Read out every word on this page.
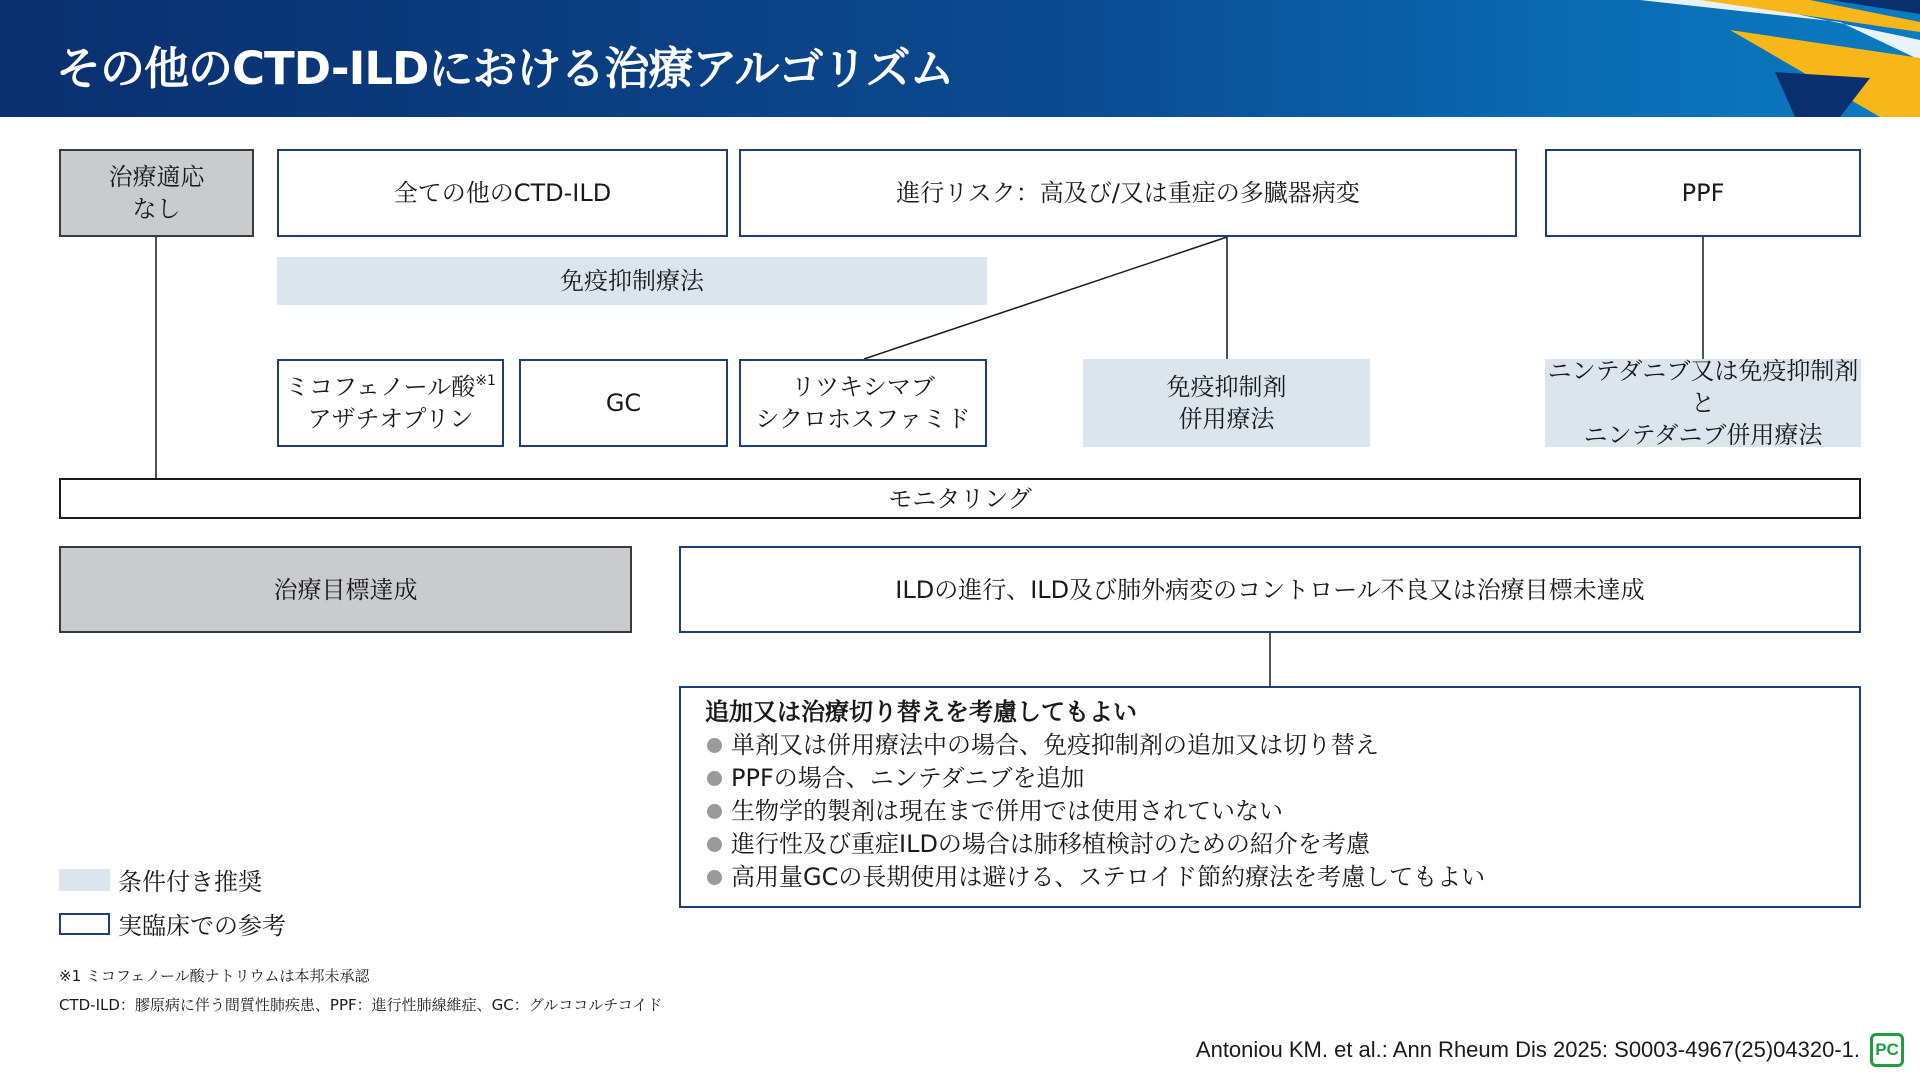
その他のCTD-ILDにおける治療アルゴリズム
治療適応
なし
全ての他のCTD-ILD	進行リスク：高及び/又は重症の多臓器病変	PPF
免疫抑制療法
ミコフェノール酸$^{※1}$
アザチオプリン
GC
リツキシマブ
シクロホスファミド
免疫抑制剤
併用療法
ニンテダニブ又は免疫抑制剤と
ニンテダニブ併用療法
モニタリング
治療目標達成	ILDの進行、ILD及び肺外病変のコントロール不良又は治療目標未達成
追加又は治療切り替えを考慮してもよい
単剤又は併用療法中の場合、免疫抑制剤の追加又は切り替え
PPFの場合、ニンテダニブを追加
生物学的製剤は現在まで併用では使用されていない
進行性及び重症ILDの場合は肺移植検討のための紹介を考慮
高用量GCの長期使用は避ける、ステロイド節約療法を考慮してもよい
条件付き推奨
実臨床での参考
※1 ミコフェノール酸ナトリウムは本邦未承認
CTD-ILD：膠原病に伴う間質性肺疾患、PPF：進行性肺線維症、GC：グルココルチコイド
Antoniou KM. et al.: Ann Rheum Dis 2025: S0003-4967(25)04320-1. PC
